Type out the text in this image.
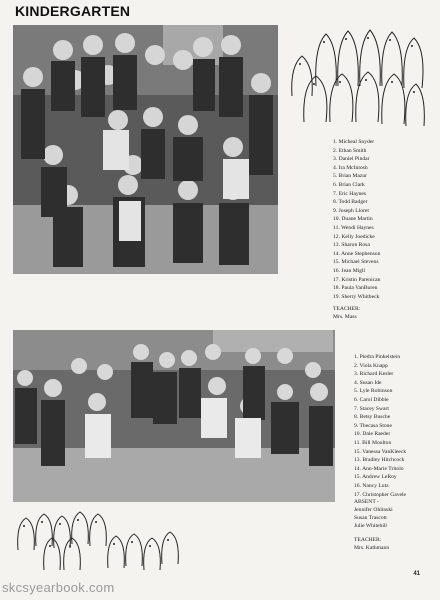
KINDERGARTEN
1. Micheal Snyder
2. Ethan Smith
3. Daniel Pindar
4. Ira McIntosh
5. Brian Mazur
6. Brian Clark
7. Eric Haynes
8. Todd Badger
9. Joseph Lloret
10. Duane Martin
11. Wendi Haynes
12. Kelly Joedicke
13. Sharon Rosa
14. Anne Stephenson
15. Michael Stevens
16. Jean Migll
17. Kristin Parenican
18. Paula VanBuren
19. Sherry Whitbeck
TEACHER:
Mrs. Mass
1. Piedra Pinkelstein
2. Viola Knapp
3. Richard Kesler
4. Susan Ide
5. Lyle Robinson
6. Carol Dibble
7. Stacey Swart
8. Betsy Busche
9. Thecasa Stone
10. Dale Raeder
11. Bill Moulton
15. Vanessa VanKleeck
13. Bradley Hitchcock
14. Ann-Marie Tritolo
15. Andrew LeRoy
16. Nancy Lutz
17. Christopher Gavele
ABSENT -
Jennifer Ohlinski
Susan Trascott
Julie Whitehill
TEACHER:
Mrs. Kathmann
41
skcsyearbook.com
